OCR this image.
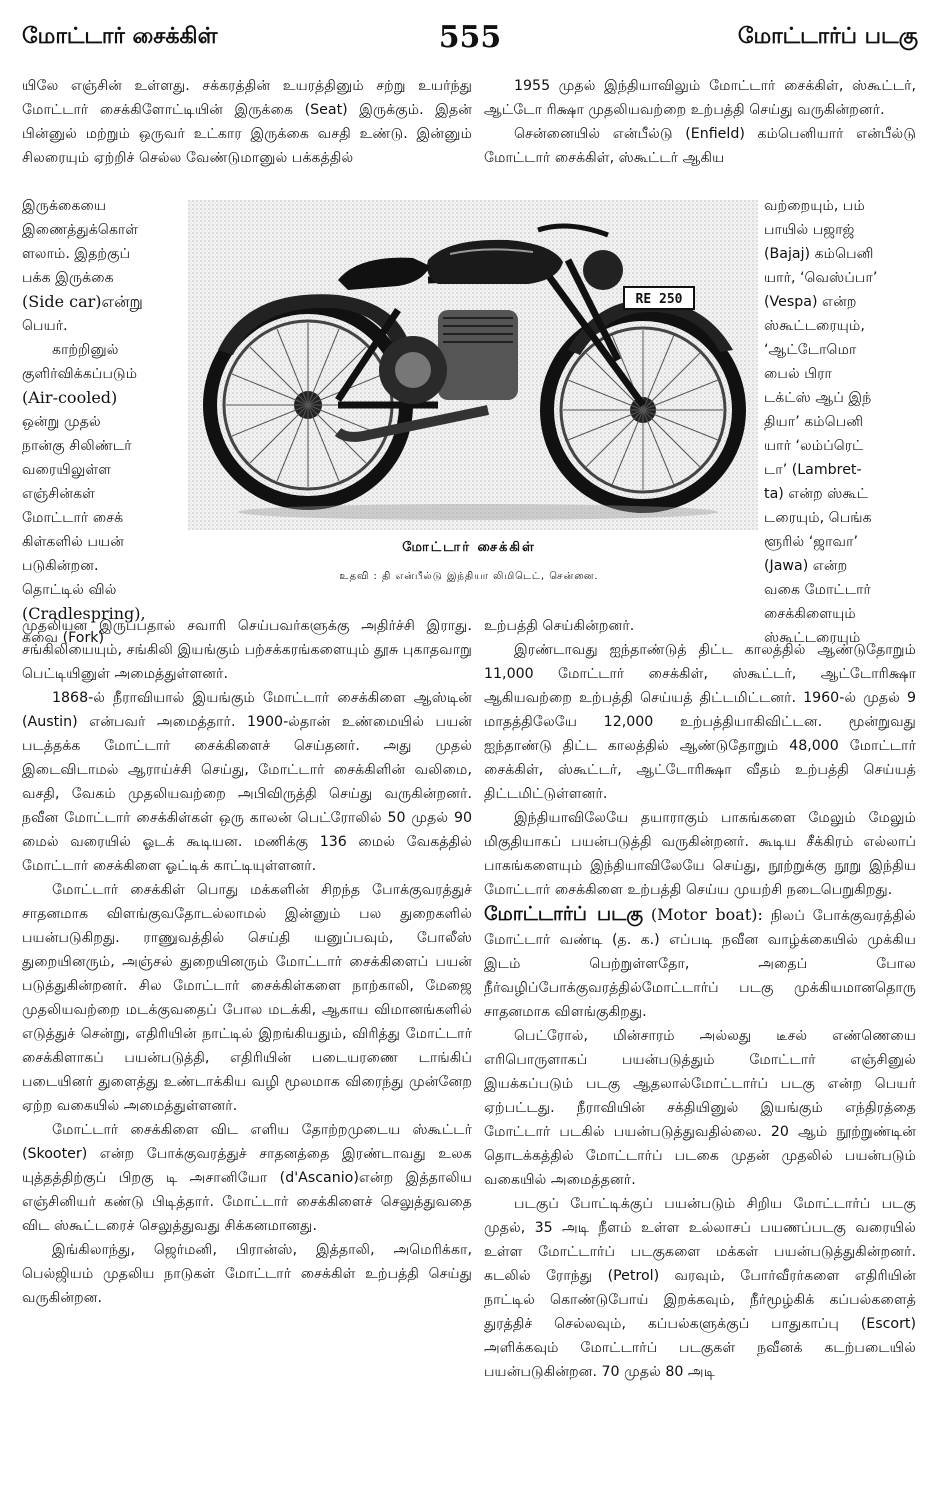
மோட்டார் சைக்கிள்	555	மோட்டார்ப் படகு

யிலே எஞ்சின் உள்ளது. சக்கரத்தின் உயரத்தினும் சற்று உயர்ந்து மோட்டார் சைக்கிளோட்டியின் இருக்கை (Seat) இருக்கும். இதன் பின்னுல் மற்றும் ஒருவர் உட்கார இருக்கை வசதி உண்டு. இன்னும் சிலரையும் ஏற்றிச் செல்ல வேண்டுமானுல் பக்கத்தில்

இருக்கையை

இணைத்துக்கொள்

ளலாம். இதற்குப்

பக்க இருக்கை

(Side car)என்று

பெயர்.

காற்றினுல்

குளிர்விக்கப்படும்

(Air-cooled)

ஒன்று முதல்

நான்கு சிலிண்டர்

வரையிலுள்ள

எஞ்சின்கள்

மோட்டார் சைக்

கிள்களில் பயன்

படுகின்றன.

தொட்டில் வில்

(Cradlespring),

கவை (Fork)

1955 முதல் இந்தியாவிலும் மோட்டார் சைக்கிள், ஸ்கூட்டர், ஆட்டோ ரிக்ஷா முதலியவற்றை உற்பத்தி செய்து வருகின்றனர்.

சென்னையில் என்பீல்டு (Enfield) கம்பெனியார் என்பீல்டு மோட்டார் சைக்கிள், ஸ்கூட்டர் ஆகிய

வற்றையும், பம்

பாயில் பஜாஜ்

(Bajaj) கம்பெனி

யார், ‘வெஸ்ப்பா’

(Vespa) என்ற

ஸ்கூட்டரையும்,

‘ஆட்டோமொ

பைல் பிரா

டக்ட்ஸ் ஆப் இந்

தியா’ கம்பெனி

யார் ‘லம்ப்ரெட்

டா’ (Lambret-

ta) என்ற ஸ்கூட்

டரையும், பெங்க

ளூரில் ‘ஜாவா’

(Jawa) என்ற

வகை மோட்டார்

சைக்கிளையும்

ஸ்கூட்டரையும்

RE 250
மோட்டார் சைக்கிள்
உதவி : தி என்பீல்டு இந்தியா லிமிடெட், சென்னை.

முதலியன இருப்பதால் சவாரி செய்பவர்களுக்கு அதிர்ச்சி இராது. சங்கிலியையும், சங்கிலி இயங்கும் பற்சக்கரங்களையும் தூசு புகாதவாறு பெட்டியினுள் அமைத்துள்ளனர்.

1868-ல் நீராவியால் இயங்கும் மோட்டார் சைக்கிளை ஆஸ்டின் (Austin) என்பவர் அமைத்தார். 1900-ல்தான் உண்மையில் பயன் படத்தக்க மோட்டார் சைக்கிளைச் செய்தனர். அது முதல் இடைவிடாமல் ஆராய்ச்சி செய்து, மோட்டார் சைக்கிளின் வலிமை, வசதி, வேகம் முதலியவற்றை அபிவிருத்தி செய்து வருகின்றனர். நவீன மோட்டார் சைக்கிள்கள் ஒரு காலன் பெட்ரோலில் 50 முதல் 90 மைல் வரையில் ஓடக் கூடியன. மணிக்கு 136 மைல் வேகத்தில் மோட்டார் சைக்கிளை ஓட்டிக் காட்டியுள்ளனர்.

மோட்டார் சைக்கிள் பொது மக்களின் சிறந்த போக்குவரத்துச் சாதனமாக விளங்குவதோடல்லாமல் இன்னும் பல துறைகளில் பயன்படுகிறது. ராணுவத்தில் செய்தி யனுப்பவும், போலீஸ் துறையினரும், அஞ்சல் துறையினரும் மோட்டார் சைக்கிளைப் பயன் படுத்துகின்றனர். சில மோட்டார் சைக்கிள்களை நாற்காலி, மேஜை முதலியவற்றை மடக்குவதைப் போல மடக்கி, ஆகாய விமானங்களில் எடுத்துச் சென்று, எதிரியின் நாட்டில் இறங்கியதும், விரித்து மோட்டார் சைக்கிளாகப் பயன்படுத்தி, எதிரியின் படையரணை டாங்கிப் படையினர் துளைத்து உண்டாக்கிய வழி மூலமாக விரைந்து முன்னேற ஏற்ற வகையில் அமைத்துள்ளனர்.

மோட்டார் சைக்கிளை விட எளிய தோற்றமுடைய ஸ்கூட்டர் (Skooter) என்ற போக்குவரத்துச் சாதனத்தை இரண்டாவது உலக யுத்தத்திற்குப் பிறகு டி அசானியோ (d'Ascanio)என்ற இத்தாலிய எஞ்சினியர் கண்டு பிடித்தார். மோட்டார் சைக்கிளைச் செலுத்துவதை விட ஸ்கூட்டரைச் செலுத்துவது சிக்கனமானது.

இங்கிலாந்து, ஜெர்மனி, பிரான்ஸ், இத்தாலி, அமெரிக்கா, பெல்ஜியம் முதலிய நாடுகள் மோட்டார் சைக்கிள் உற்பத்தி செய்து வருகின்றன.

உற்பத்தி செய்கின்றனர்.

இரண்டாவது ஐந்தாண்டுத் திட்ட காலத்தில் ஆண்டுதோறும் 11,000 மோட்டார் சைக்கிள், ஸ்கூட்டர், ஆட்டோரிக்ஷா ஆகியவற்றை உற்பத்தி செய்யத் திட்டமிட்டனர். 1960-ல் முதல் 9 மாதத்திலேயே 12,000 உற்பத்தியாகிவிட்டன. மூன்றுவது ஐந்தாண்டு திட்ட காலத்தில் ஆண்டுதோறும் 48,000 மோட்டார் சைக்கிள், ஸ்கூட்டர், ஆட்டோரிக்ஷா வீதம் உற்பத்தி செய்யத் திட்டமிட்டுள்ளனர்.

இந்தியாவிலேயே தயாராகும் பாகங்களை மேலும் மேலும் மிகுதியாகப் பயன்படுத்தி வருகின்றனர். கூடிய சீக்கிரம் எல்லாப் பாகங்களையும் இந்தியாவிலேயே செய்து, நூற்றுக்கு நூறு இந்திய மோட்டார் சைக்கிளை உற்பத்தி செய்ய முயற்சி நடைபெறுகிறது.

மோட்டார்ப் படகு (Motor boat): நிலப் போக்குவரத்தில் மோட்டார் வண்டி (த. க.) எப்படி நவீன வாழ்க்கையில் முக்கிய இடம் பெற்றுள்ளதோ, அதைப் போல நீர்வழிப்போக்குவரத்தில்மோட்டார்ப் படகு முக்கியமானதொரு சாதனமாக விளங்குகிறது.

பெட்ரோல், மின்சாரம் அல்லது டீசல் எண்ணெயை எரிபொருளாகப் பயன்படுத்தும் மோட்டார் எஞ்சினுல் இயக்கப்படும் படகு ஆதலால்மோட்டார்ப் படகு என்ற பெயர் ஏற்பட்டது. நீராவியின் சக்தியினுல் இயங்கும் எந்திரத்தை மோட்டார் படகில் பயன்படுத்துவதில்லை. 20 ஆம் நூற்றுண்டின் தொடக்கத்தில் மோட்டார்ப் படகை முதன் முதலில் பயன்படும் வகையில் அமைத்தனர்.

படகுப் போட்டிக்குப் பயன்படும் சிறிய மோட்டார்ப் படகு முதல், 35 அடி நீளம் உள்ள உல்லாசப் பயணப்படகு வரையில் உள்ள மோட்டார்ப் படகுகளை மக்கள் பயன்படுத்துகின்றனர். கடலில் ரோந்து (Petrol) வரவும், போர்வீரர்களை எதிரியின் நாட்டில் கொண்டுபோய் இறக்கவும், நீர்மூழ்கிக் கப்பல்களைத் துரத்திச் செல்லவும், கப்பல்களுக்குப் பாதுகாப்பு (Escort) அளிக்கவும் மோட்டார்ப் படகுகள் நவீனக் கடற்படையில் பயன்படுகின்றன. 70 முதல் 80 அடி
